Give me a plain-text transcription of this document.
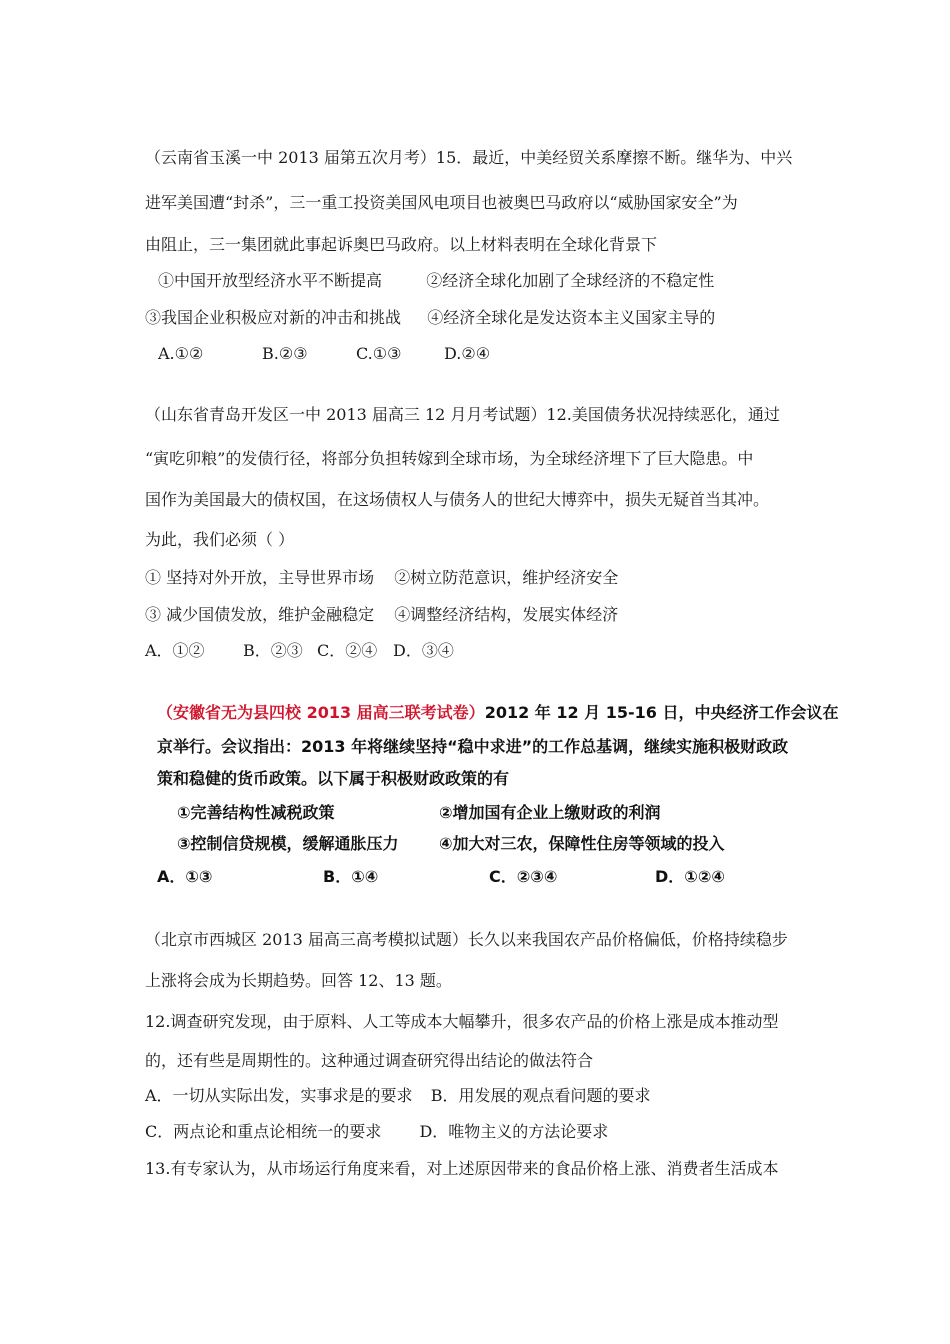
（云南省玉溪一中 2013 届第五次月考）15．最近，中美经贸关系摩擦不断。继华为、中兴
进军美国遭“封杀”，三一重工投资美国风电项目也被奥巴马政府以“威胁国家安全”为
由阻止，三一集团就此事起诉奥巴马政府。以上材料表明在全球化背景下
①中国开放型经济水平不断提高	②经济全球化加剧了全球经济的不稳定性
③我国企业积极应对新的冲击和挑战 ④经济全球化是发达资本主义国家主导的
A.①②	B.②③	C.①③	D.②④
（山东省青岛开发区一中 2013 届高三 12 月月考试题）12.美国债务状况持续恶化，通过
“寅吃卯粮”的发债行径，将部分负担转嫁到全球市场，为全球经济埋下了巨大隐患。中
国作为美国最大的债权国，在这场债权人与债务人的世纪大博弈中，损失无疑首当其冲。
为此，我们必须（ ）
① 坚持对外开放，主导世界市场 ②树立防范意识，维护经济安全
③ 减少国债发放，维护金融稳定 ④调整经济结构，发展实体经济
A．①② B．②③ C．②④ D．③④
（安徽省无为县四校 2013 届高三联考试卷）2012 年 12 月 15-16 日，中央经济工作会议在
京举行。会议指出：2013 年将继续坚持“稳中求进”的工作总基调，继续实施积极财政政
策和稳健的货币政策。以下属于积极财政政策的有
①完善结构性减税政策	②增加国有企业上缴财政的利润
③控制信贷规模，缓解通胀压力	④加大对三农，保障性住房等领域的投入
A．①③	B．①④	C．②③④	D．①②④
（北京市西城区 2013 届高三高考模拟试题）长久以来我国农产品价格偏低，价格持续稳步
上涨将会成为长期趋势。回答 12、13 题。
12.调查研究发现，由于原料、人工等成本大幅攀升，很多农产品的价格上涨是成本推动型
的，还有些是周期性的。这种通过调查研究得出结论的做法符合
A．一切从实际出发，实事求是的要求 B．用发展的观点看问题的要求
C．两点论和重点论相统一的要求 D．唯物主义的方法论要求
13.有专家认为，从市场运行角度来看，对上述原因带来的食品价格上涨、消费者生活成本
